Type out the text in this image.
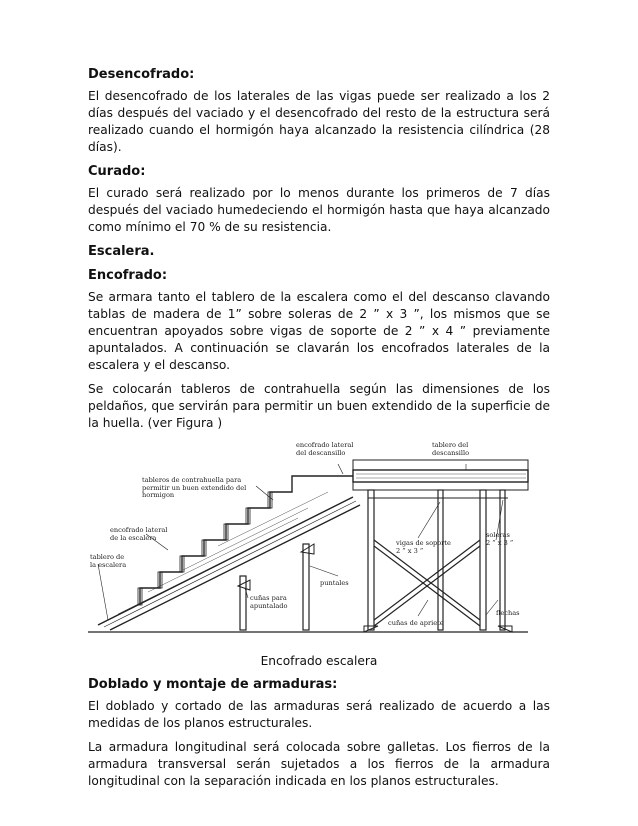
Desencofrado:

El desencofrado de los laterales de las vigas puede ser realizado a los 2 días después del vaciado y el desencofrado del resto de la estructura será realizado cuando el hormigón haya alcanzado la resistencia cilíndrica (28 días).

Curado:

El curado será realizado por lo menos durante los primeros de 7 días después del vaciado humedeciendo el hormigón hasta que haya alcanzado como mínimo el 70 % de su resistencia.

Escalera.
Encofrado:

Se armara tanto el tablero de la escalera como el del descanso clavando tablas de madera de 1” sobre soleras de 2 ” x 3 ”, los mismos que se encuentran apoyados sobre vigas de soporte de 2 ” x 4 ” previamente apuntalados. A continuación se clavarán los encofrados laterales de la escalera y el descanso.

Se colocarán tableros de contrahuella según las dimensiones de los peldaños, que servirán para permitir un buen extendido de la superficie de la huella. (ver Figura )

encofrado lateral
del descansillo
tablero del
descansillo
tableros de contrahuella para
permitir un buen extendido del
hormigon
encofrado lateral
de la escalera
tablero de
la escalera
vigas de soporte
2 ” x 3 ”
soleras
2 ” x 3 ”
puntales
cuñas para
apuntalado
flechas
cuñas de apriete
Encofrado escalera
Doblado y montaje de armaduras:

El doblado y cortado de las armaduras será realizado de acuerdo a las medidas de los planos estructurales.

La armadura longitudinal será colocada sobre galletas. Los fierros de la armadura transversal serán sujetados a los fierros de la armadura longitudinal con la separación indicada en los planos estructurales.
